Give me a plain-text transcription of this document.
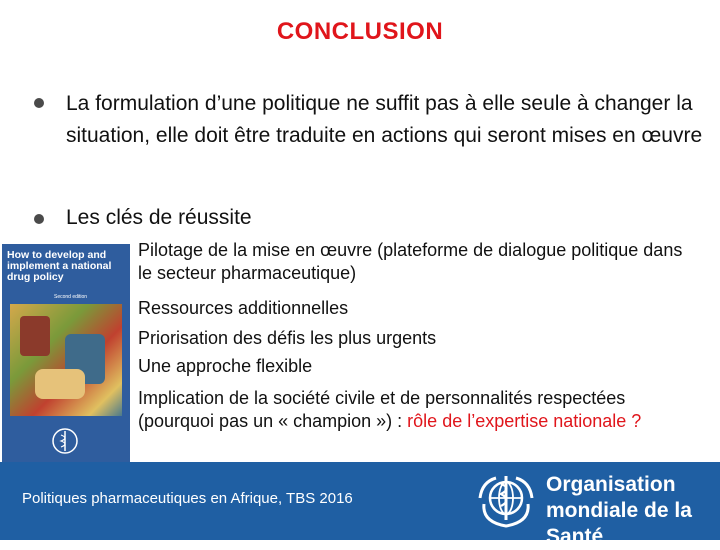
CONCLUSION
La formulation d’une politique ne suffit pas à elle seule à changer la situation, elle doit être traduite en actions qui seront mises en œuvre
Les clés de réussite
Pilotage de la mise en œuvre (plateforme de dialogue politique dans le secteur pharmaceutique)
Ressources additionnelles
Priorisation des défis les plus urgents
Une approche flexible
Implication de la société civile et de personnalités respectées (pourquoi pas un « champion ») : rôle de l’expertise nationale ?
How to develop and implement a national drug policy
Second edition
Politiques pharmaceutiques en Afrique, TBS 2016
Organisation
mondiale de la Santé
